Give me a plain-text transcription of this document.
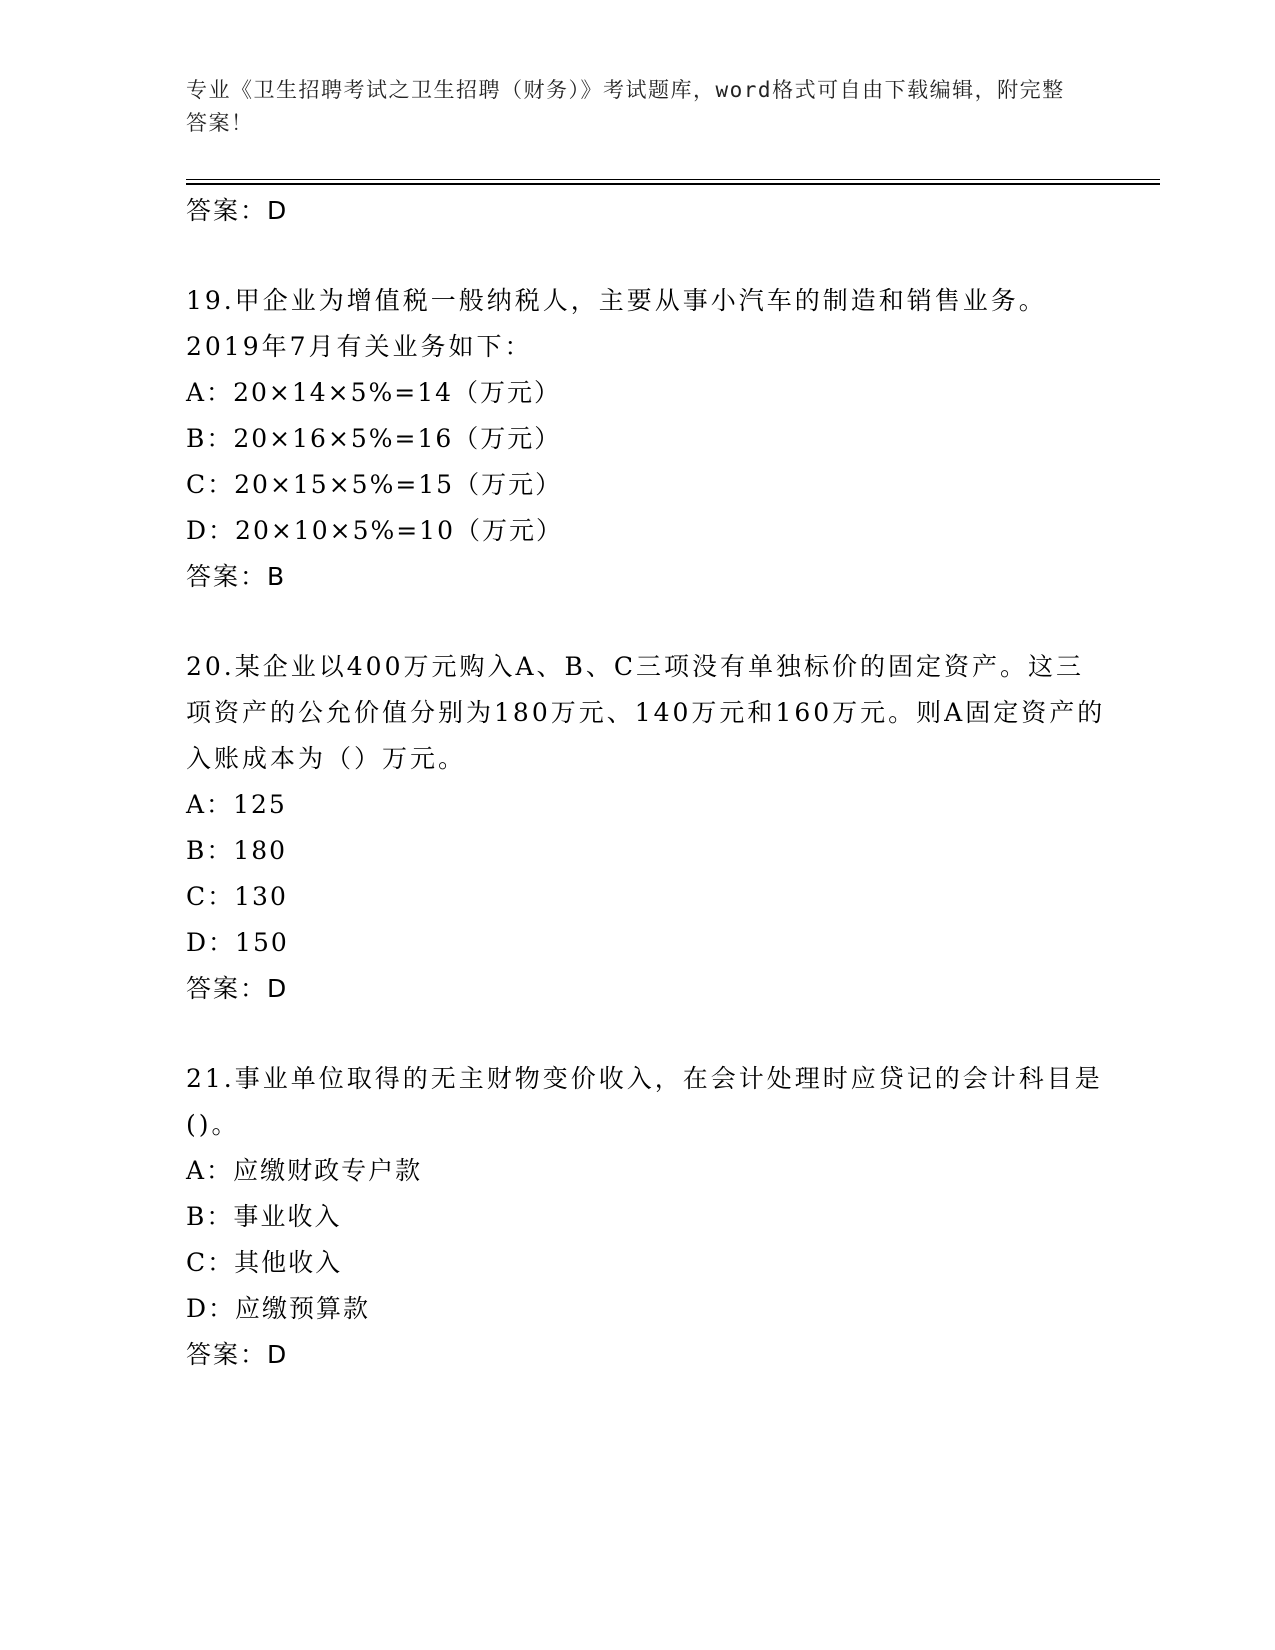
专业《卫生招聘考试之卫生招聘（财务）》考试题库，word格式可自由下载编辑，附完整答案！

答案：D

19.甲企业为增值税一般纳税人，主要从事小汽车的制造和销售业务。2019年7月有关业务如下：

A：20×14×5%=14（万元）

B：20×16×5%=16（万元）

C：20×15×5%=15（万元）

D：20×10×5%=10（万元）

答案：B

20.某企业以400万元购入A、B、C三项没有单独标价的固定资产。这三项资产的公允价值分别为180万元、140万元和160万元。则A固定资产的入账成本为（）万元。

A：125

B：180

C：130

D：150

答案：D

21.事业单位取得的无主财物变价收入，在会计处理时应贷记的会计科目是()。

A：应缴财政专户款

B：事业收入

C：其他收入

D：应缴预算款

答案：D
